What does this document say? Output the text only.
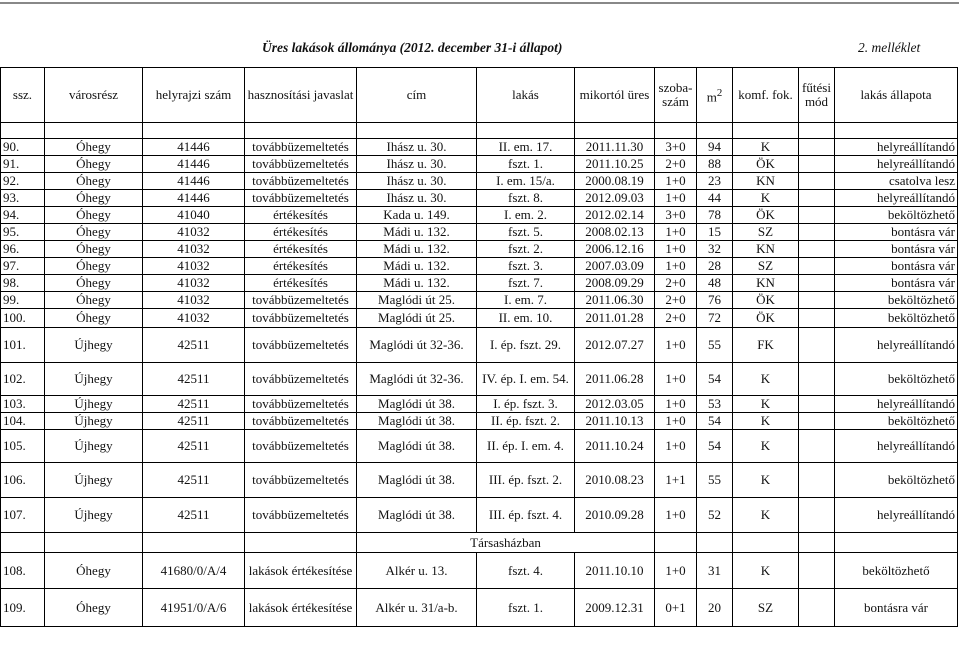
Üres lakások állománya (2012. december 31-i állapot)	2. melléklet
ssz.	városrész	helyrajzi szám	hasznosítási javaslat	cím	lakás	mikortól üres	szoba-szám	$m^2$	komf. fok.	fűtési mód	lakás állapota

90.	Óhegy	41446	továbbüzemeltetés	Ihász u. 30.	II. em. 17.	2011.11.30	3+0	94	K		helyreállítandó
91.	Óhegy	41446	továbbüzemeltetés	Ihász u. 30.	fszt. 1.	2011.10.25	2+0	88	ÖK		helyreállítandó
92.	Óhegy	41446	továbbüzemeltetés	Ihász u. 30.	I. em. 15/a.	2000.08.19	1+0	23	KN		csatolva lesz
93.	Óhegy	41446	továbbüzemeltetés	Ihász u. 30.	fszt. 8.	2012.09.03	1+0	44	K		helyreállítandó
94.	Óhegy	41040	értékesítés	Kada u. 149.	I. em. 2.	2012.02.14	3+0	78	ÖK		beköltözhető
95.	Óhegy	41032	értékesítés	Mádi u. 132.	fszt. 5.	2008.02.13	1+0	15	SZ		bontásra vár
96.	Óhegy	41032	értékesítés	Mádi u. 132.	fszt. 2.	2006.12.16	1+0	32	KN		bontásra vár
97.	Óhegy	41032	értékesítés	Mádi u. 132.	fszt. 3.	2007.03.09	1+0	28	SZ		bontásra vár
98.	Óhegy	41032	értékesítés	Mádi u. 132.	fszt. 7.	2008.09.29	2+0	48	KN		bontásra vár
99.	Óhegy	41032	továbbüzemeltetés	Maglódi út 25.	I. em. 7.	2011.06.30	2+0	76	ÖK		beköltözhető
100.	Óhegy	41032	továbbüzemeltetés	Maglódi út 25.	II. em. 10.	2011.01.28	2+0	72	ÖK		beköltözhető
101.	Újhegy	42511	továbbüzemeltetés	Maglódi út 32-36.	I. ép. fszt. 29.	2012.07.27	1+0	55	FK		helyreállítandó
102.	Újhegy	42511	továbbüzemeltetés	Maglódi út 32-36.	IV. ép. I. em. 54.	2011.06.28	1+0	54	K		beköltözhető
103.	Újhegy	42511	továbbüzemeltetés	Maglódi út 38.	I. ép. fszt. 3.	2012.03.05	1+0	53	K		helyreállítandó
104.	Újhegy	42511	továbbüzemeltetés	Maglódi út 38.	II. ép. fszt. 2.	2011.10.13	1+0	54	K		beköltözhető
105.	Újhegy	42511	továbbüzemeltetés	Maglódi út 38.	II. ép. I. em. 4.	2011.10.24	1+0	54	K		helyreállítandó
106.	Újhegy	42511	továbbüzemeltetés	Maglódi út 38.	III. ép. fszt. 2.	2010.08.23	1+1	55	K		beköltözhető
107.	Újhegy	42511	továbbüzemeltetés	Maglódi út 38.	III. ép. fszt. 4.	2010.09.28	1+0	52	K		helyreállítandó
				Társasházban							
108.	Óhegy	41680/0/A/4	lakások értékesítése	Alkér u. 13.	fszt. 4.	2011.10.10	1+0	31	K		beköltözhető
109.	Óhegy	41951/0/A/6	lakások értékesítése	Alkér u. 31/a-b.	fszt. 1.	2009.12.31	0+1	20	SZ		bontásra vár
